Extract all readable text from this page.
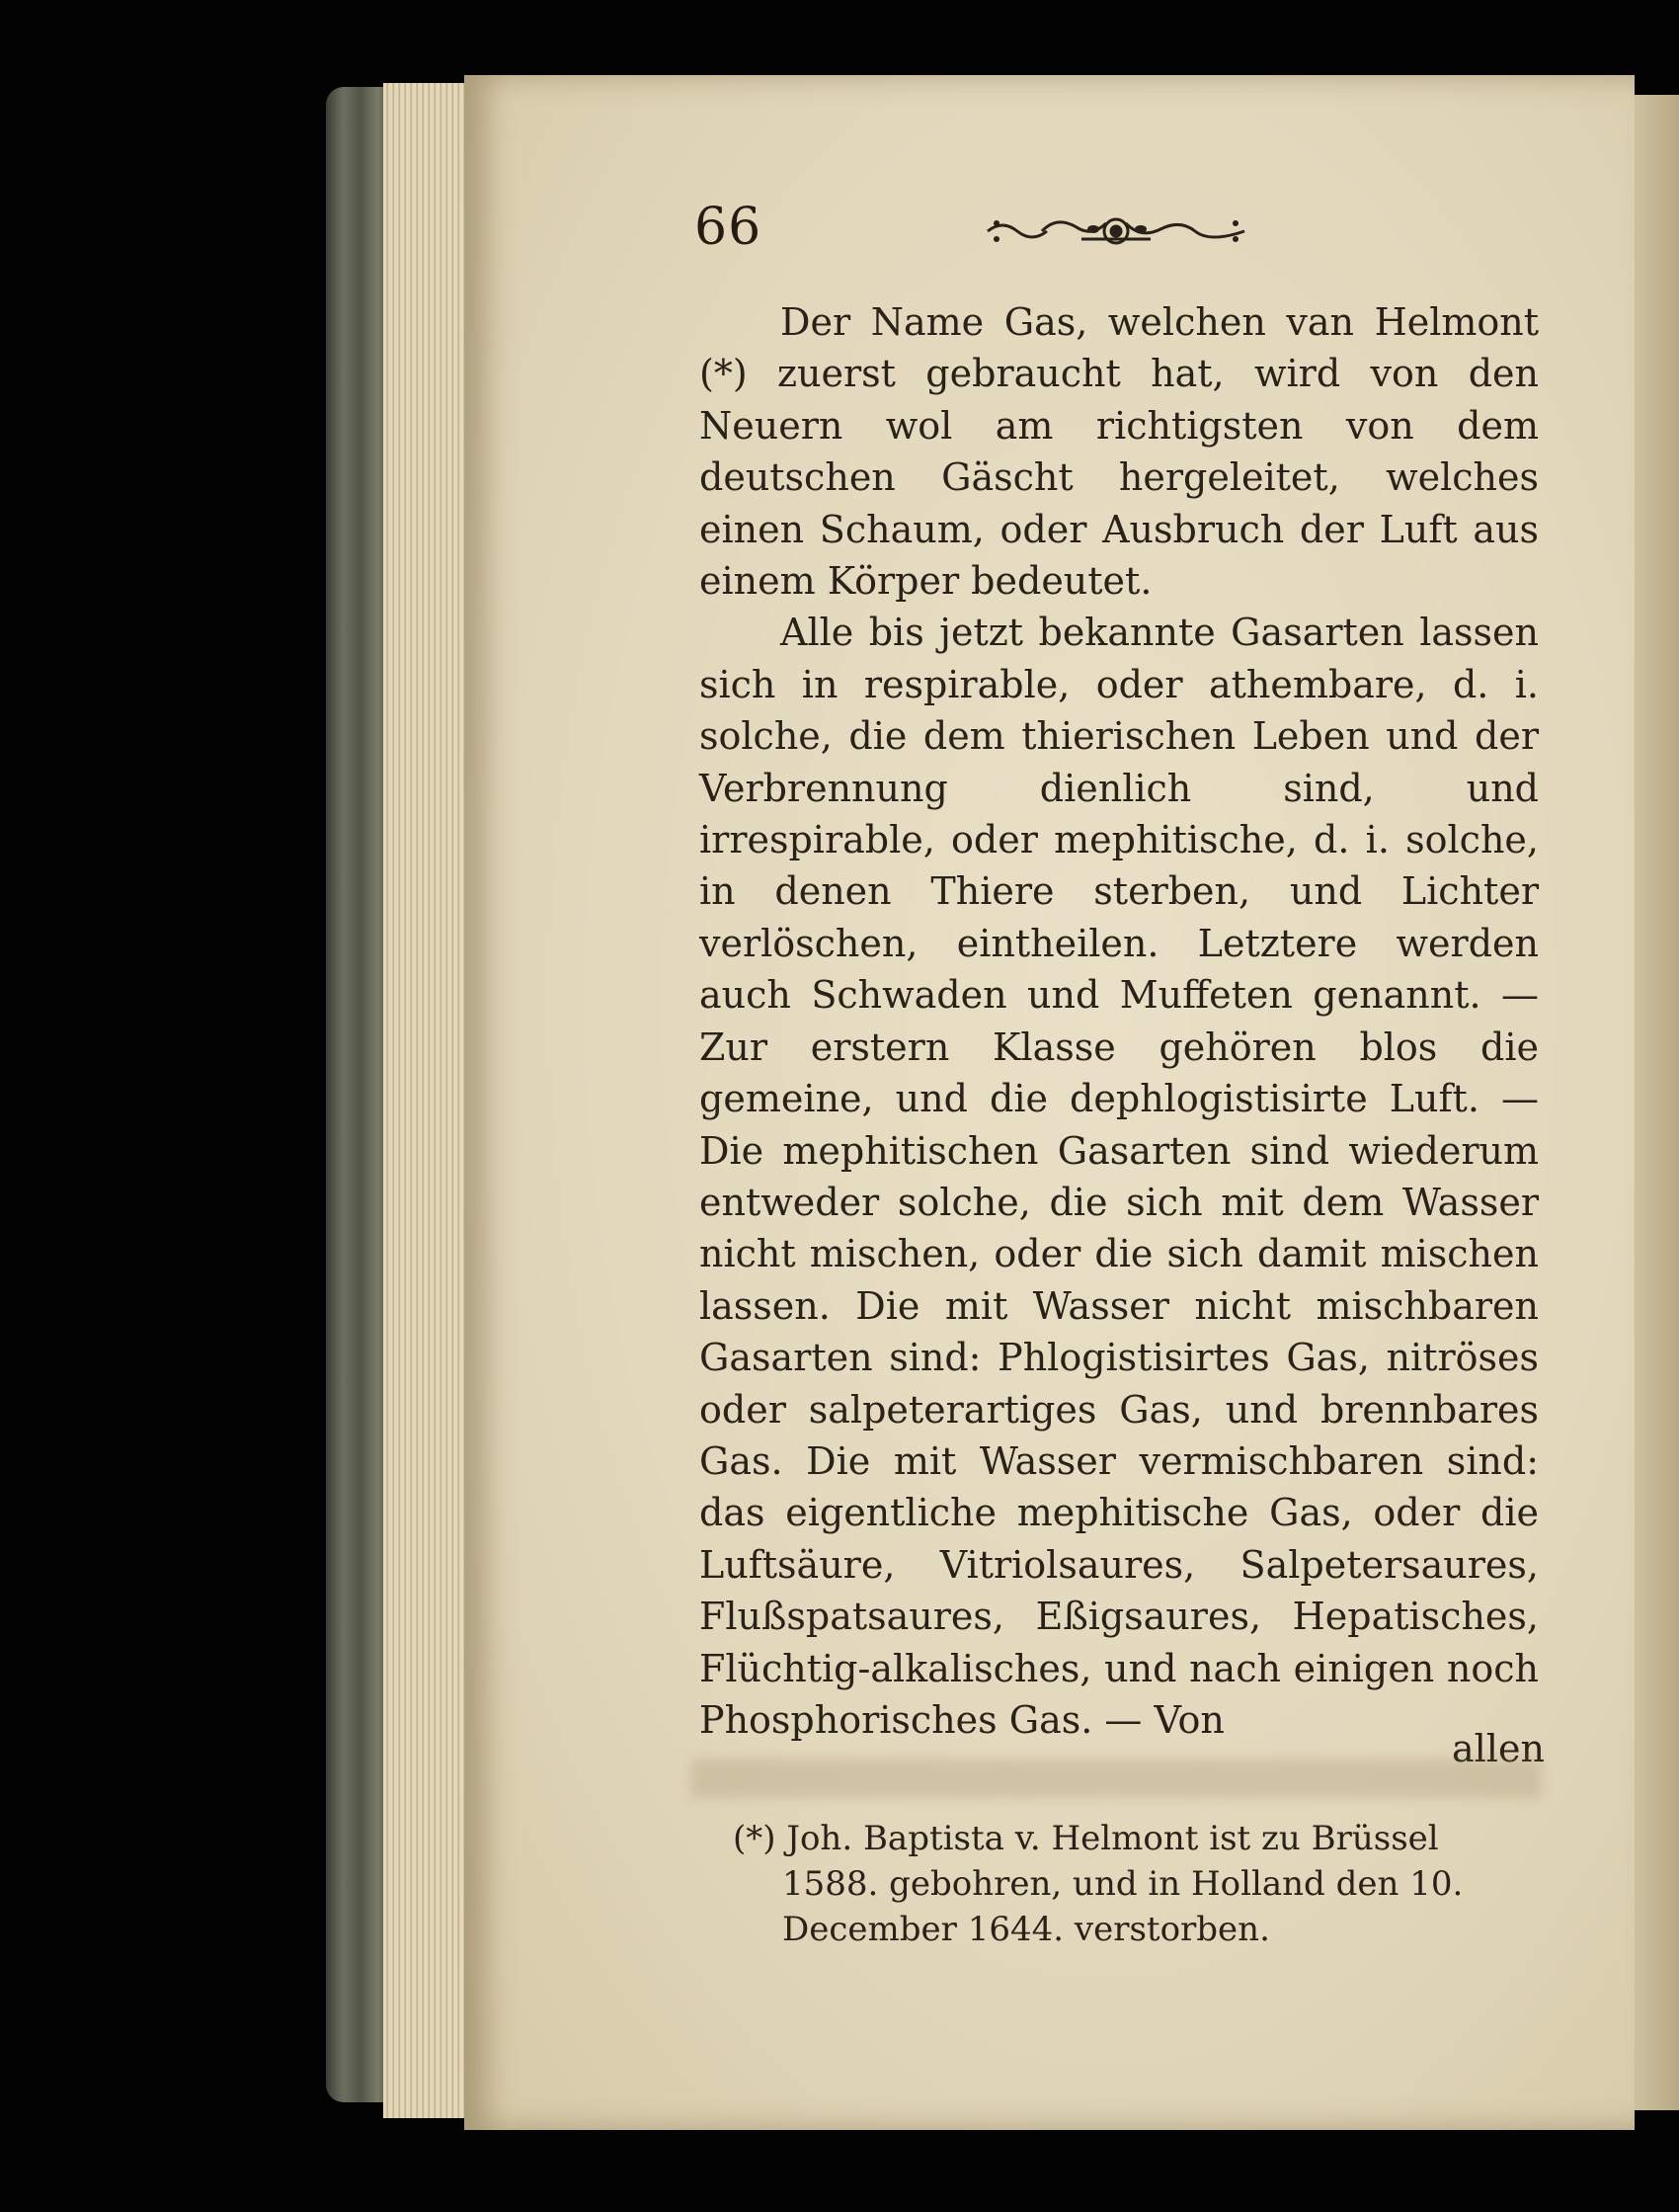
66

Der Name Gas, welchen van Helmont (*) zuerst gebraucht hat, wird von den Neuern wol am richtigsten von dem deutschen Gäscht hergeleitet, welches einen Schaum, oder Ausbruch der Luft aus einem Körper bedeutet.

Alle bis jetzt bekannte Gasarten lassen sich in respirable, oder athembare, d. i. solche, die dem thierischen Leben und der Verbrennung dienlich sind, und irrespirable, oder mephitische, d. i. solche, in denen Thiere sterben, und Lichter verlöschen, eintheilen. Letztere werden auch Schwaden und Muffeten genannt. — Zur erstern Klasse gehören blos die gemeine, und die dephlogistisirte Luft. — Die mephitischen Gasarten sind wiederum entweder solche, die sich mit dem Wasser nicht mischen, oder die sich damit mischen lassen. Die mit Wasser nicht mischbaren Gasarten sind: Phlogistisirtes Gas, nitröses oder salpeterartiges Gas, und brennbares Gas. Die mit Wasser vermischbaren sind: das eigentliche mephitische Gas, oder die Luftsäure, Vitriolsaures, Salpetersaures, Flußspatsaures, Eßigsaures, Hepatisches, Flüchtig-alkalisches, und nach einigen noch Phosphorisches Gas. — Von

allen

(*) Joh. Baptista v. Helmont ist zu Brüssel 1588. gebohren, und in Holland den 10. December 1644. verstorben.
